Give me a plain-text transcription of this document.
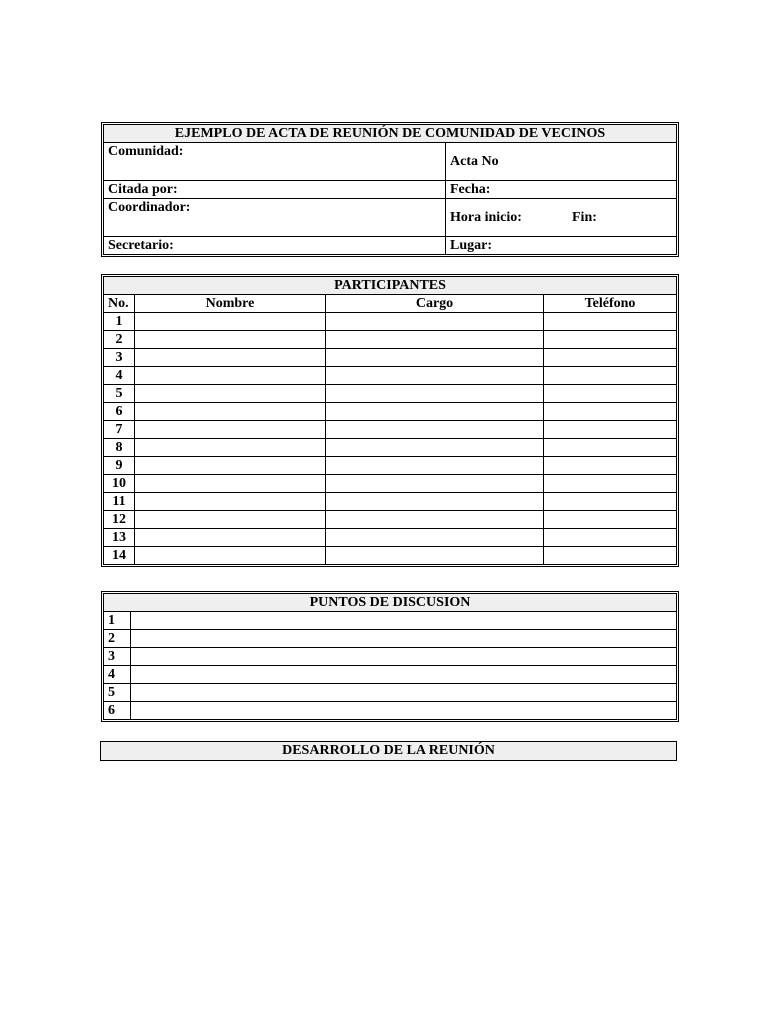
EJEMPLO DE ACTA DE REUNIÓN DE COMUNIDAD DE VECINOS	
Comunidad:	Acta No
Citada por:	Fecha:
Coordinador:	Hora inicio: Fin:
Secretario:	Lugar:
PARTICIPANTES			
No.	Nombre	Cargo	Teléfono
1			
2			
3			
4			
5			
6			
7			
8			
9			
10			
11			
12			
13			
14			
PUNTOS DE DISCUSION	
1	
2	
3	
4	
5	
6	
DESARROLLO DE LA REUNIÓN
